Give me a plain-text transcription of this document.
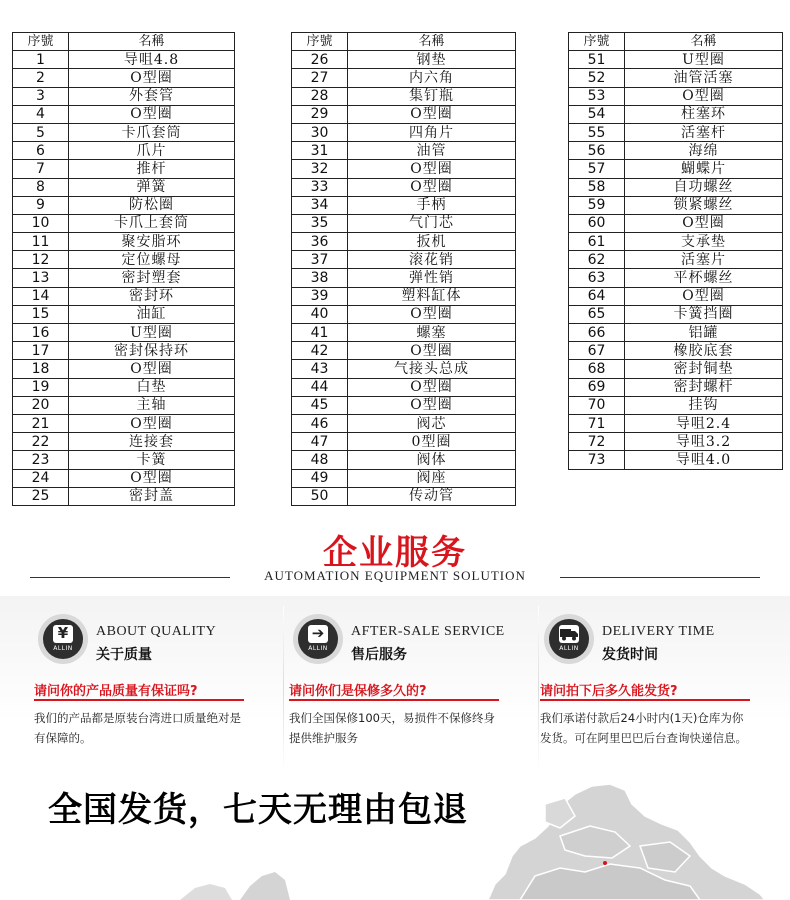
序號	名稱
1	导咀4.8
2	O型圈
3	外套管
4	O型圈
5	卡爪套筒
6	爪片
7	推杆
8	弹簧
9	防松圈
10	卡爪上套筒
11	聚安脂环
12	定位螺母
13	密封塑套
14	密封环
15	油缸
16	U型圈
17	密封保持环
18	O型圈
19	白垫
20	主轴
21	O型圈
22	连接套
23	卡簧
24	O型圈
25	密封盖
序號	名稱
26	钢垫
27	内六角
28	集钉瓶
29	O型圈
30	四角片
31	油管
32	O型圈
33	O型圈
34	手柄
35	气门芯
36	扳机
37	滚花销
38	弹性销
39	塑料缸体
40	O型圈
41	螺塞
42	O型圈
43	气接头总成
44	O型圈
45	O型圈
46	阀芯
47	0型圈
48	阀体
49	阀座
50	传动管
序號	名稱
51	U型圈
52	油管活塞
53	O型圈
54	柱塞环
55	活塞杆
56	海绵
57	蝴蝶片
58	自功螺丝
59	锁紧螺丝
60	O型圈
61	支承垫
62	活塞片
63	平杯螺丝
64	O型圈
65	卡簧挡圈
66	铝罐
67	橡胶底套
68	密封铜垫
69	密封螺杆
70	挂钩
71	导咀2.4
72	导咀3.2
73	导咀4.0
企业服务
AUTOMATION EQUIPMENT SOLUTION
¥
ALLIN
ABOUT QUALITY
关于质量
请问你的产品质量有保证吗?
我们的产品都是原装台湾进口质量绝对是有保障的。
➔
ALLIN
AFTER-SALE SERVICE
售后服务
请问你们是保修多久的?
我们全国保修100天，易损件不保修终身提供维护服务
ALLIN
DELIVERY TIME
发货时间
请问拍下后多久能发货?
我们承诺付款后24小时内(1天)仓库为你发货。可在阿里巴巴后台查询快递信息。
全国发货，七天无理由包退
